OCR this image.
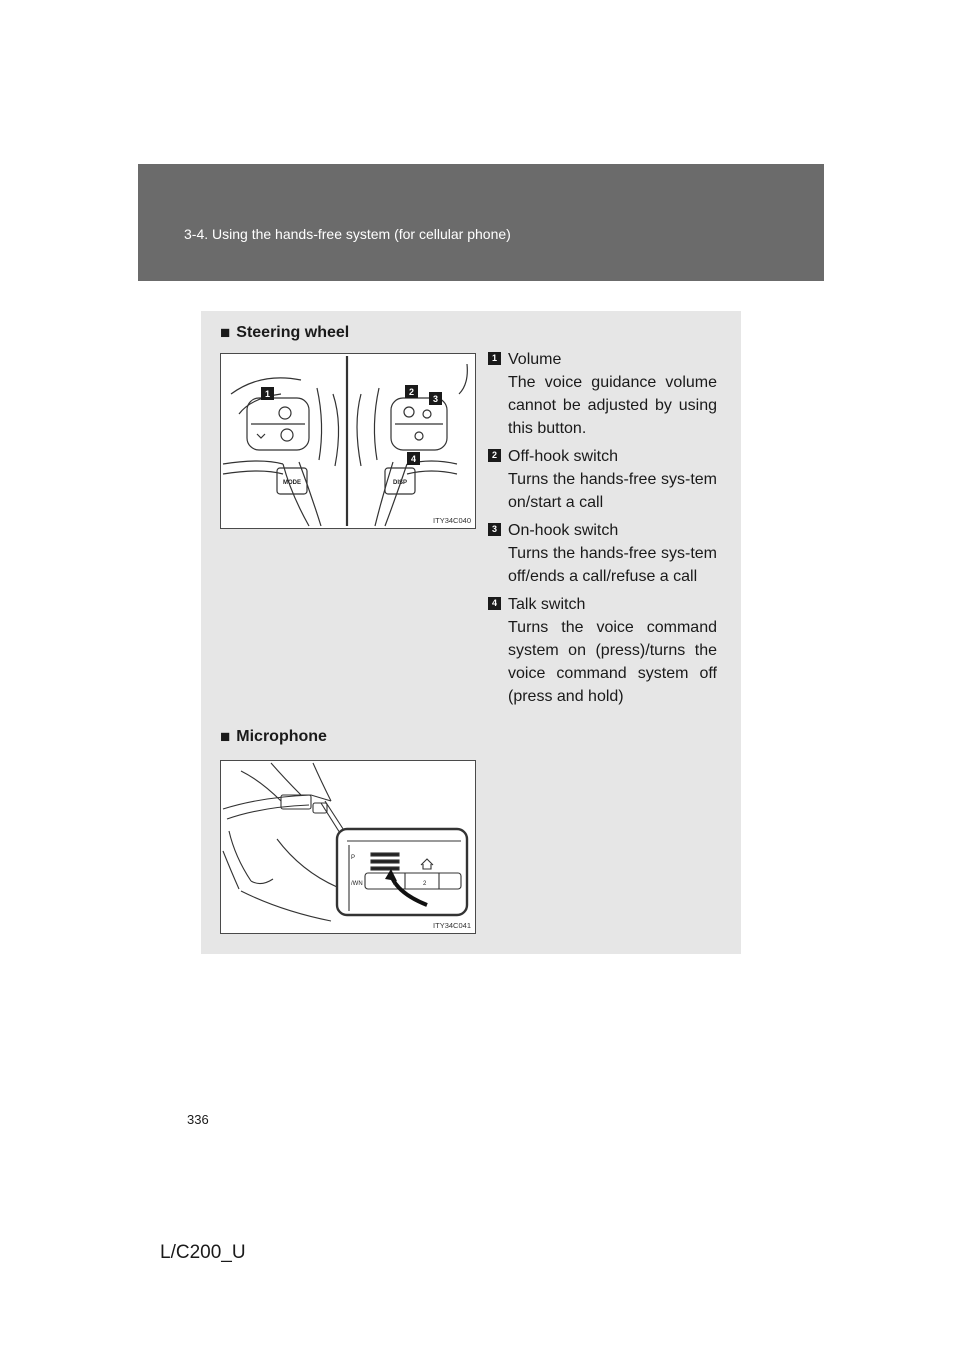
3-4. Using the hands-free system (for cellular phone)
■ Steering wheel
1	2
3
4
MODE	DISP
ITY34C040
1 Volume
The voice guidance volume cannot be adjusted by using this button.
2 Off-hook switch
Turns the hands-free sys-tem on/start a call
3 On-hook switch
Turns the hands-free sys-tem off/ends a call/refuse a call
4 Talk switch
Turns the voice command system on (press)/turns the voice command system off (press and hold)
■ Microphone
P
/WN	1	2
ITY34C041
336
L/C200_U
